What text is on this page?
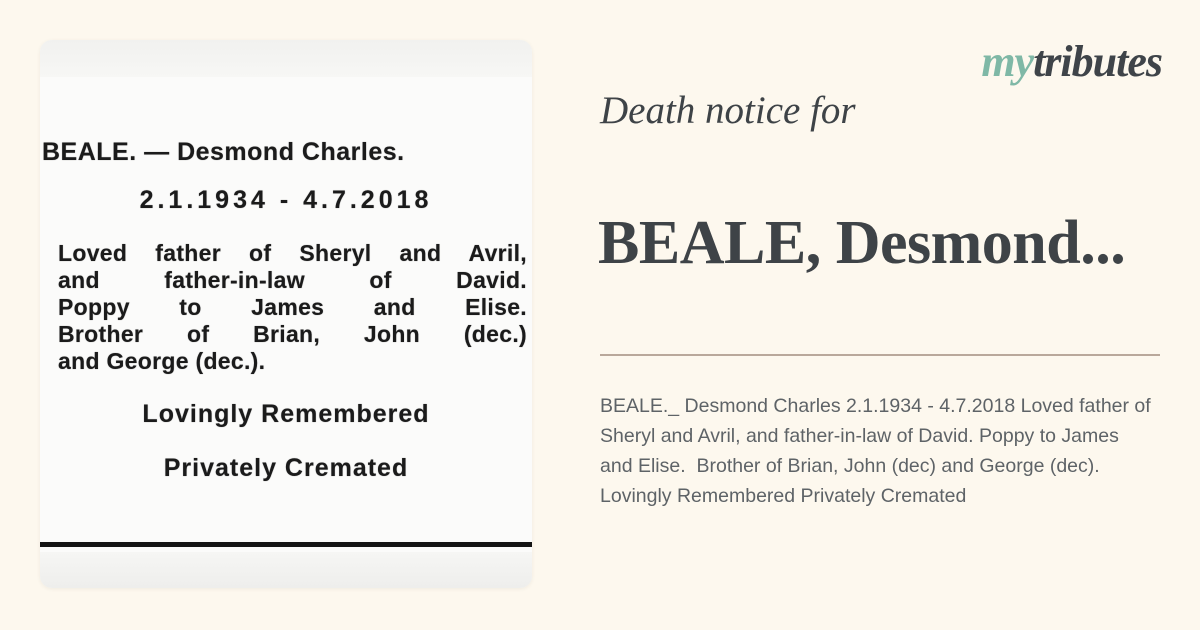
BEALE. — Desmond Charles.
2.1.1934 - 4.7.2018
Loved father of Sheryl and Avril,
and father-in-law of David.
Poppy to James and Elise.
Brother of Brian, John (dec.)
and George (dec.).
Lovingly Remembered
Privately Cremated
mytributes
Death notice for
BEALE, Desmond...

BEALE._ Desmond Charles 2.1.1934 - 4.7.2018 Loved father of Sheryl and Avril, and father-in-law of David. Poppy to James and Elise.  Brother of Brian, John (dec) and George (dec). Lovingly Remembered Privately Cremated
